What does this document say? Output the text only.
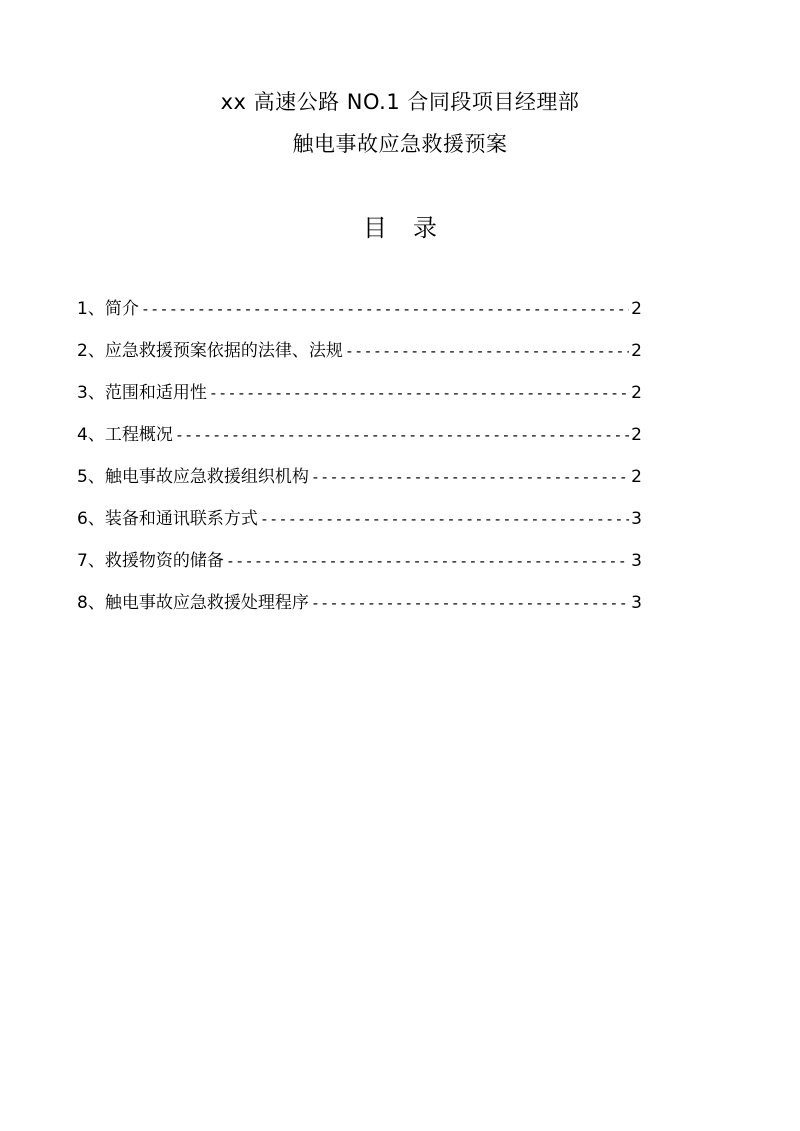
xx 高速公路 NO.1 合同段项目经理部
触电事故应急救援预案
目录
1、 简介 -----	2
2、 应急救援预案依据的法律、法规 -----	2
3、 范围和适用性 -----	2
4、 工程概况 -----	2
5、 触电事故应急救援组织机构 -----	2
6、 装备和通讯联系方式 -----	3
7、 救援物资的储备 -----	3
8、 触电事故应急救援处理程序 -----	3
